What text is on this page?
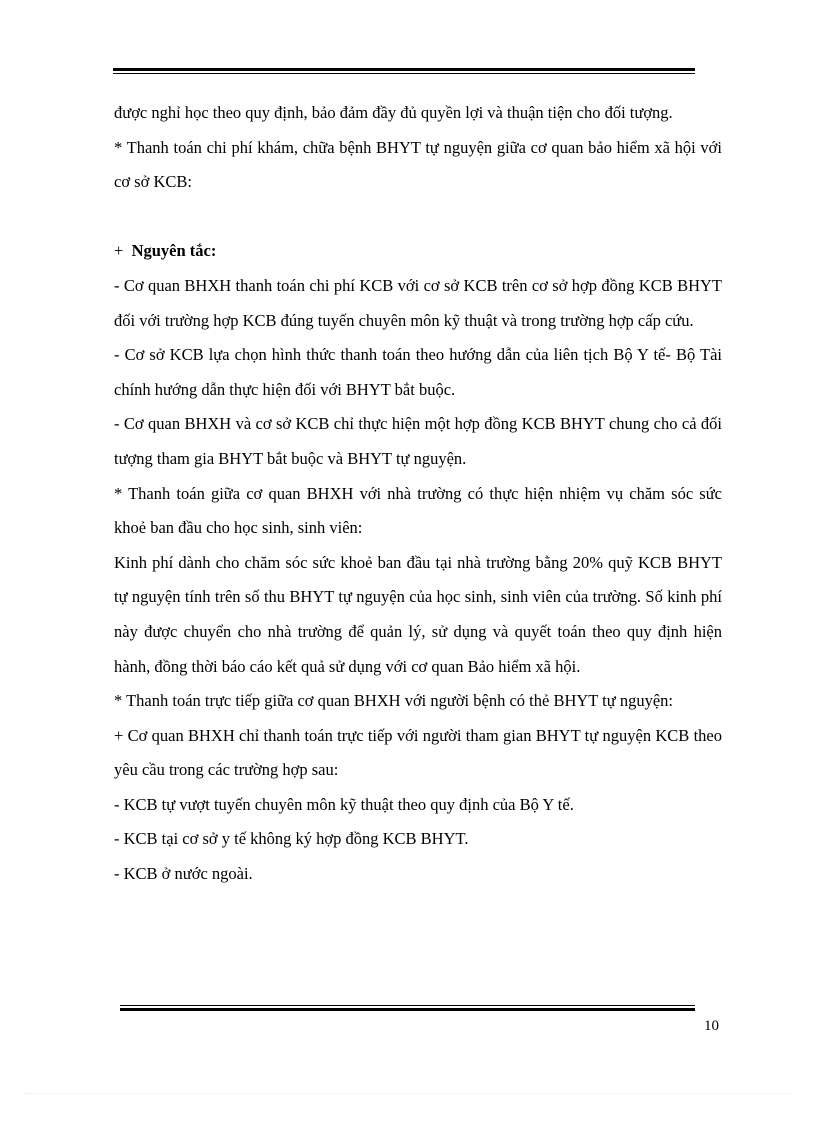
được nghỉ học theo quy định, bảo đảm đầy đủ quyền lợi và thuận tiện cho đối tượng.

* Thanh toán chi phí khám, chữa bệnh BHYT tự nguyện giữa cơ quan bảo hiểm xã hội với cơ sở KCB:

+ Nguyên tắc:

- Cơ quan BHXH thanh toán chi phí KCB với cơ sở KCB trên cơ sở hợp đồng KCB BHYT đối với trường hợp KCB đúng tuyến chuyên môn kỹ thuật và trong trường hợp cấp cứu.

- Cơ sở KCB lựa chọn hình thức thanh toán theo hướng dẫn của liên tịch Bộ Y tế- Bộ Tài chính hướng dẫn thực hiện đối với BHYT bắt buộc.

- Cơ quan BHXH và cơ sở KCB chỉ thực hiện một hợp đồng KCB BHYT chung cho cả đối tượng tham gia BHYT bắt buộc và BHYT tự nguyện.

* Thanh toán giữa cơ quan BHXH với nhà trường có thực hiện nhiệm vụ chăm sóc sức khoẻ ban đầu cho học sinh, sinh viên:

Kinh phí dành cho chăm sóc sức khoẻ ban đầu tại nhà trường bằng 20% quỹ KCB BHYT tự nguyện tính trên số thu BHYT tự nguyện của học sinh, sinh viên của trường. Số kinh phí này được chuyển cho nhà trường để quản lý, sử dụng và quyết toán theo quy định hiện hành, đồng thời báo cáo kết quả sử dụng với cơ quan Bảo hiểm xã hội.

* Thanh toán trực tiếp giữa cơ quan BHXH với người bệnh có thẻ BHYT tự nguyện:

+ Cơ quan BHXH chỉ thanh toán trực tiếp với người tham gian BHYT tự nguyện KCB theo yêu cầu trong các trường hợp sau:

- KCB tự vượt tuyến chuyên môn kỹ thuật theo quy định của Bộ Y tế.

- KCB tại cơ sở y tế không ký hợp đồng KCB BHYT.

- KCB ở nước ngoài.

10
